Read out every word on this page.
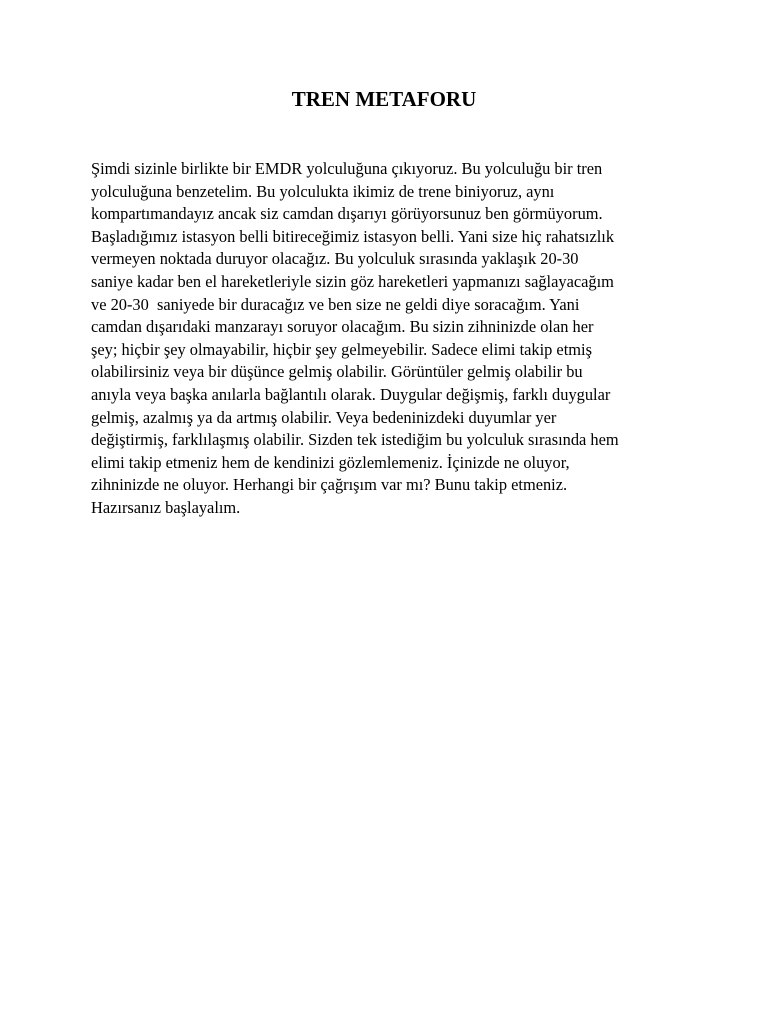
TREN METAFORU
Şimdi sizinle birlikte bir EMDR yolculuğuna çıkıyoruz. Bu yolculuğu bir tren
yolculuğuna benzetelim. Bu yolculukta ikimiz de trene biniyoruz, aynı
kompartımandayız ancak siz camdan dışarıyı görüyorsunuz ben görmüyorum.
Başladığımız istasyon belli bitireceğimiz istasyon belli. Yani size hiç rahatsızlık
vermeyen noktada duruyor olacağız. Bu yolculuk sırasında yaklaşık 20-30
saniye kadar ben el hareketleriyle sizin göz hareketleri yapmanızı sağlayacağım
ve 20-30  saniyede bir duracağız ve ben size ne geldi diye soracağım. Yani
camdan dışarıdaki manzarayı soruyor olacağım. Bu sizin zihninizde olan her
şey; hiçbir şey olmayabilir, hiçbir şey gelmeyebilir. Sadece elimi takip etmiş
olabilirsiniz veya bir düşünce gelmiş olabilir. Görüntüler gelmiş olabilir bu
anıyla veya başka anılarla bağlantılı olarak. Duygular değişmiş, farklı duygular
gelmiş, azalmış ya da artmış olabilir. Veya bedeninizdeki duyumlar yer
değiştirmiş, farklılaşmış olabilir. Sizden tek istediğim bu yolculuk sırasında hem
elimi takip etmeniz hem de kendinizi gözlemlemeniz. İçinizde ne oluyor,
zihninizde ne oluyor. Herhangi bir çağrışım var mı? Bunu takip etmeniz.
Hazırsanız başlayalım.
